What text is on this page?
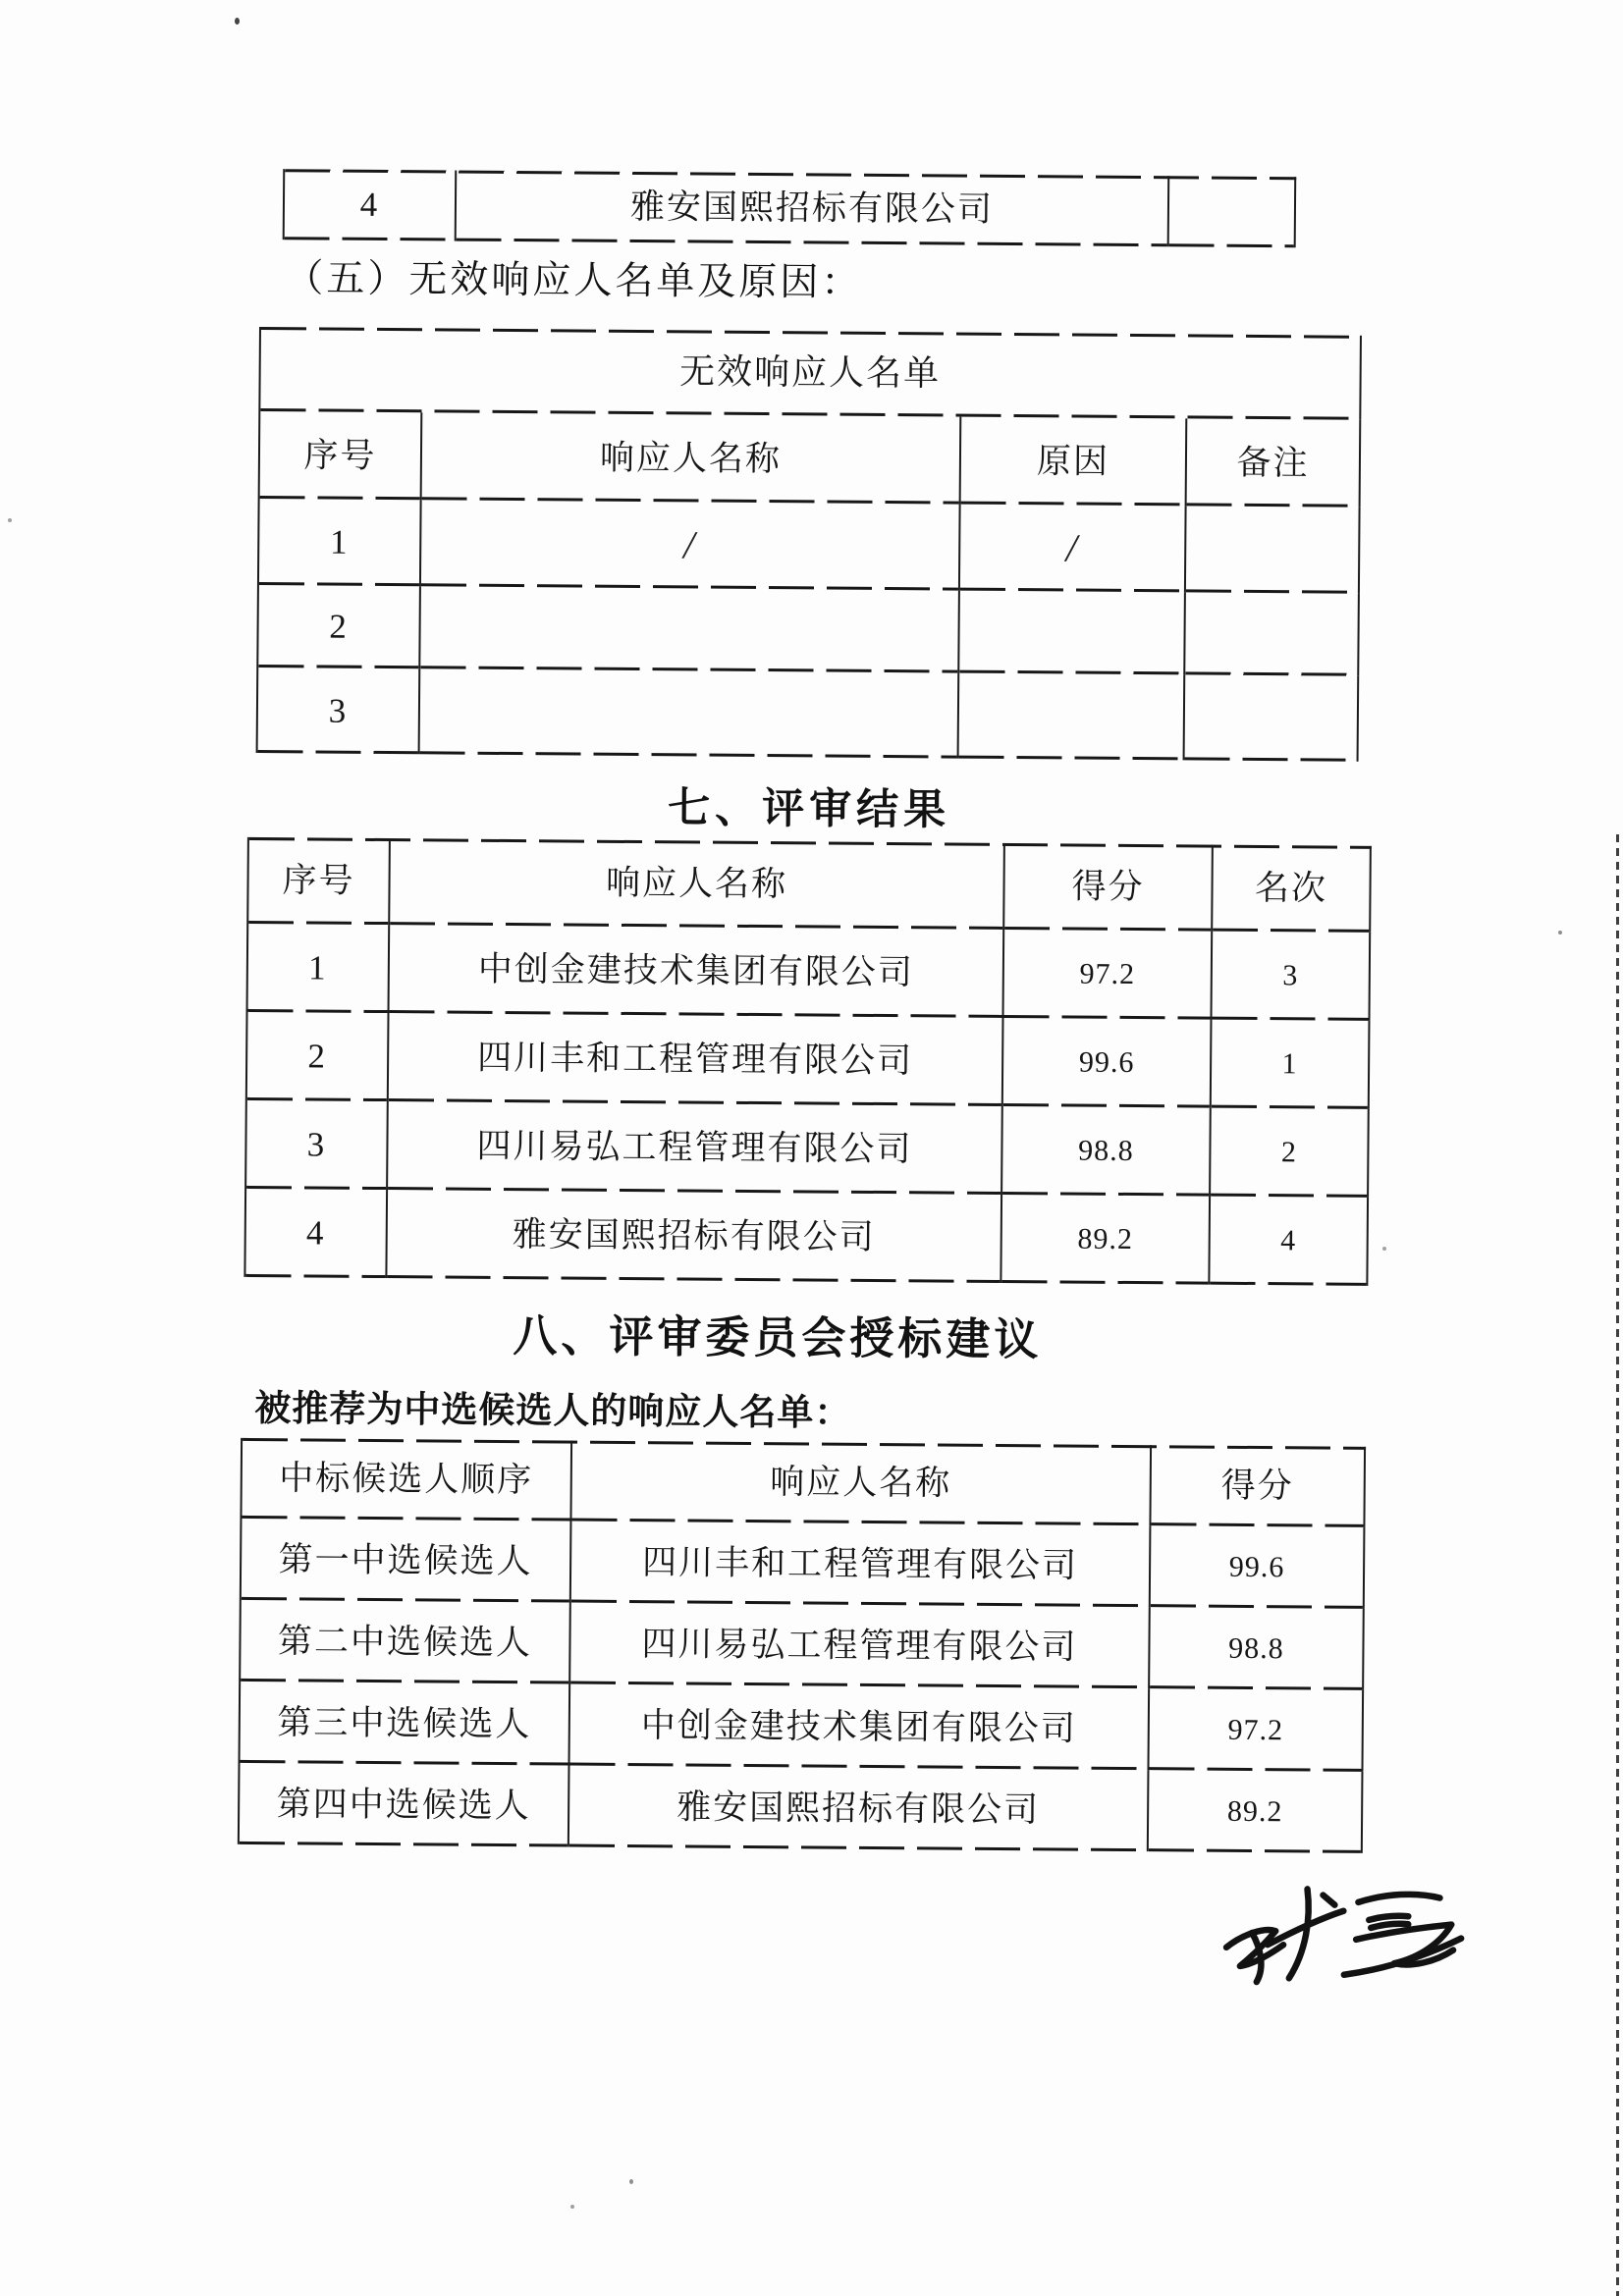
4	雅安国熙招标有限公司
（五）无效响应人名单及原因：
无效响应人名单
序号	响应人名称	原因	备注
1	/	/
2
3
七、评审结果
序号	响应人名称	得分	名次
1	中创金建技术集团有限公司	97.2	3
2	四川丰和工程管理有限公司	99.6	1
3	四川易弘工程管理有限公司	98.8	2
4	雅安国熙招标有限公司	89.2	4
八、评审委员会授标建议
被推荐为中选候选人的响应人名单：
中标候选人顺序	响应人名称	得分
第一中选候选人	四川丰和工程管理有限公司	99.6
第二中选候选人	四川易弘工程管理有限公司	98.8
第三中选候选人	中创金建技术集团有限公司	97.2
第四中选候选人	雅安国熙招标有限公司	89.2
